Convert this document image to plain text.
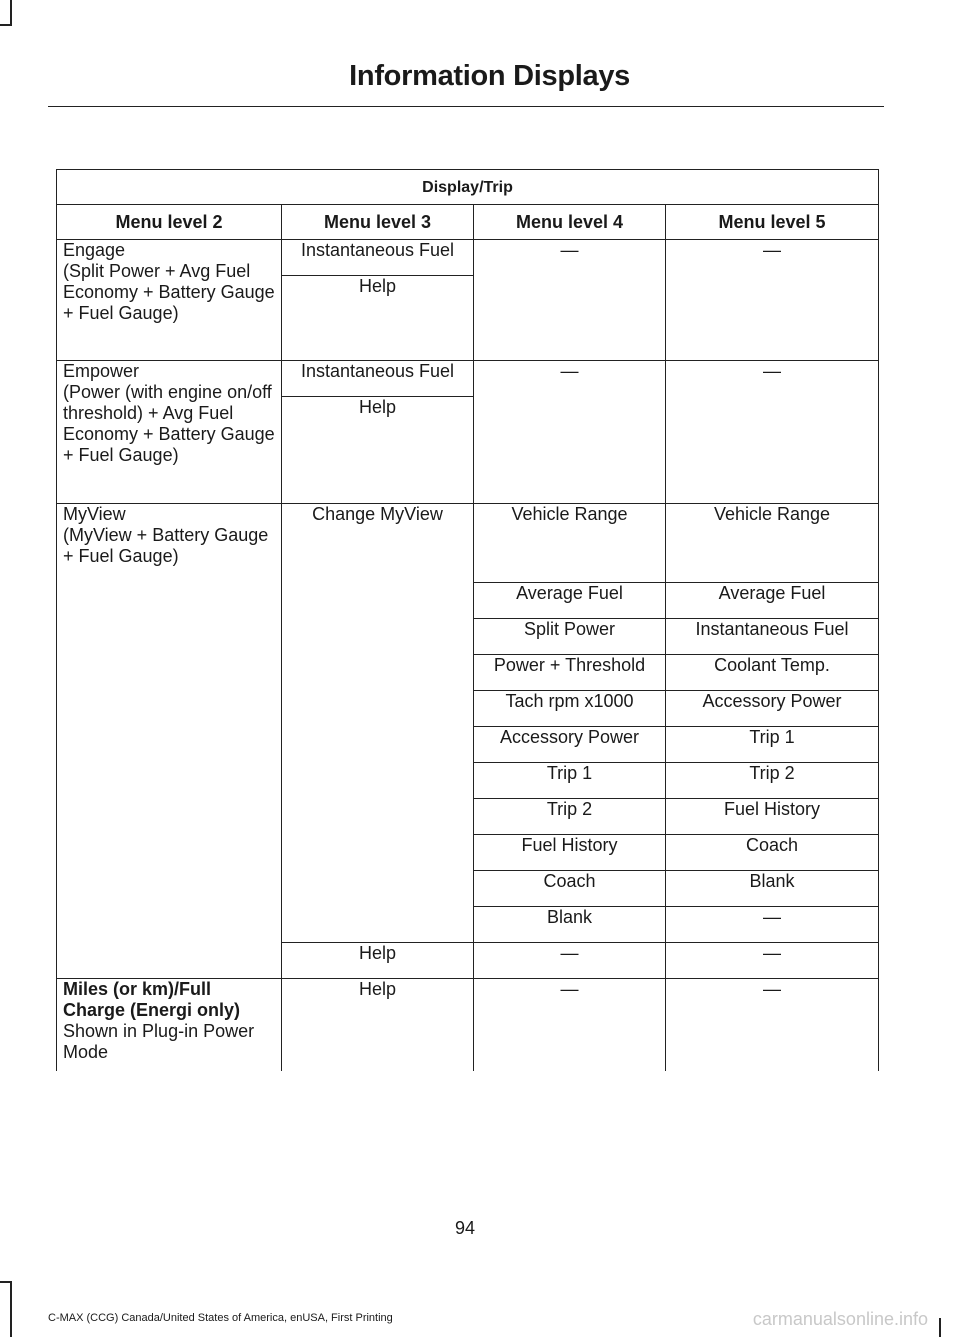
Information Displays
Display/Trip			
Menu level 2	Menu level 3	Menu level 4	Menu level 5

Engage
(Split Power + Avg Fuel Economy + Battery Gauge + Fuel Gauge)	Instantaneous Fuel	—	—
	Help		

Empower
(Power (with engine on/off threshold) + Avg Fuel Economy + Battery Gauge + Fuel Gauge)	Instantaneous Fuel	—	—
	Help		

MyView
(MyView + Battery Gauge + Fuel Gauge)	Change MyView	Vehicle Range	Vehicle Range
		Average Fuel	Average Fuel
		Split Power	Instantaneous Fuel
		Power + Threshold	Coolant Temp.
		Tach rpm x1000	Accessory Power
		Accessory Power	Trip 1
		Trip 1	Trip 2
		Trip 2	Fuel History
		Fuel History	Coach
		Coach	Blank
		Blank	—
	Help	—	—

Miles (or km)/Full Charge (Energi only)
Shown in Plug-in Power Mode	Help	—	—
94
C-MAX (CCG) Canada/United States of America, enUSA, First Printing	carmanualsonline.info
